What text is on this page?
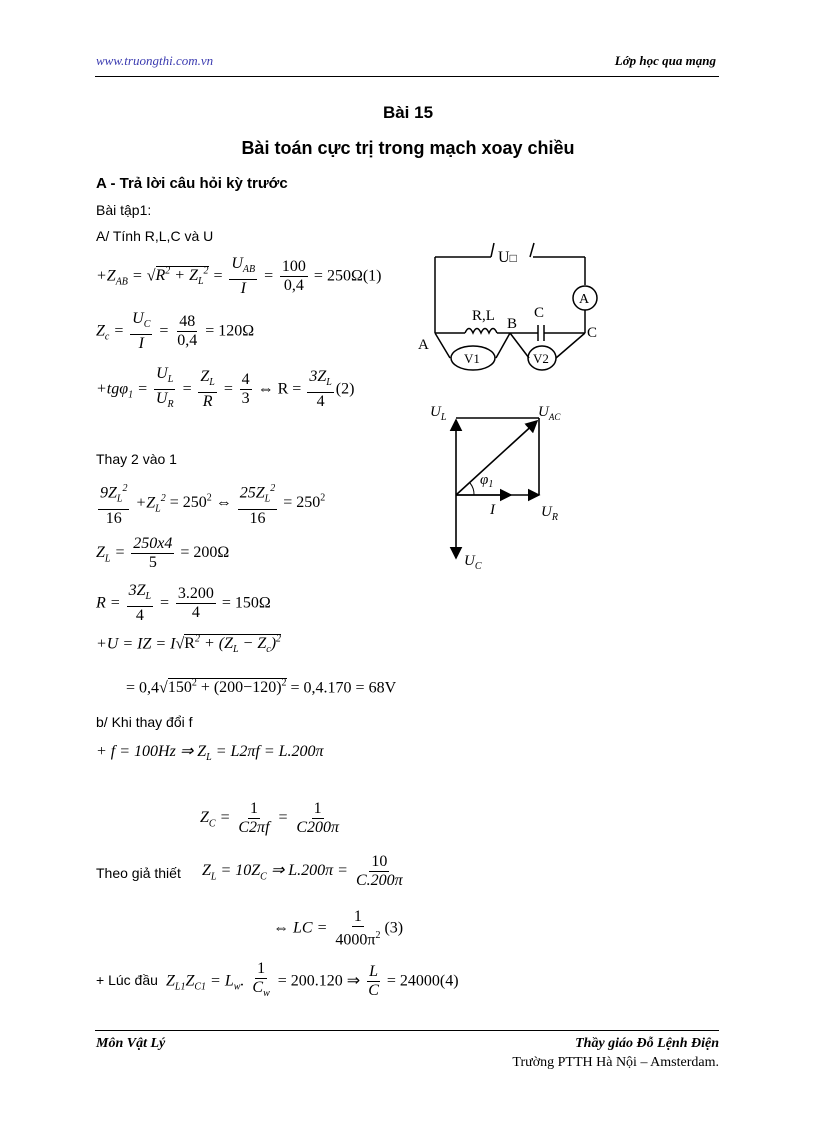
www.truongthi.com.vn	Lớp học qua mạng
Bài 15
Bài toán cực trị trong mạch xoay chiều
A - Trả lời câu hỏi kỳ trước
Bài tập1:
A/ Tính R,L,C và U
$+Z_{AB} = √R^2 + Z_L^2 = \frac{U_{AB}}{I} = \frac{100}{0,4} = 250\Omega(1)$
$Z_c = \frac{U_C}{I} = \frac{48}{0,4} = 120\Omega$
$+tg\varphi_1 = \frac{U_L}{U_R} = \frac{Z_L}{R} = \frac{4}{3}$ ⇔ $R = \frac{3Z_L}{4} (2)$
Thay 2 vào 1
$\frac{9Z_L^2}{16} +Z_L^2 = 250^2$ ⇔ $\frac{25Z_L^2}{16} = 250^2$
$Z_L = \frac{250x4}{5} = 200\Omega$
$R = \frac{3Z_L}{4} = \frac{3.200}{4} = 150\Omega$
+U = IZ = $I√R^2 + (Z_L - Z_c)^2$
= $0,4√150^2 + (200-120)^2 = 0,4.170 = 68V$
b/ Khi thay đổi f
+ f = 100Hz ⇒ $Z_L = L2\pi f = L.200\pi$
$Z_C = \frac{1}{C2\pi f} = \frac{1}{C200\pi}$
Theo giả thiết $Z_L = 10Z_C$ ⇒ $L.200\pi = \frac{10}{C.200\pi}$
⇔ LC = $\frac{1}{4000\pi^2} (3)$
+ Lúc đầu $Z_{L1}Z_{C1} = L_w$. $\frac{1}{C_w} = 200.120$ ⇒ $\frac{L}{C} = 24000(4)$
U□
A
R,L	C
A
B
C
V1	V2
$U_L$	$U_{AC}$
$U_R$
I
$U_C$
$\varphi_1$
Môn Vật Lý	Thầy giáo Đỗ Lệnh Điện
Trường PTTH Hà Nội – Amsterdam.
